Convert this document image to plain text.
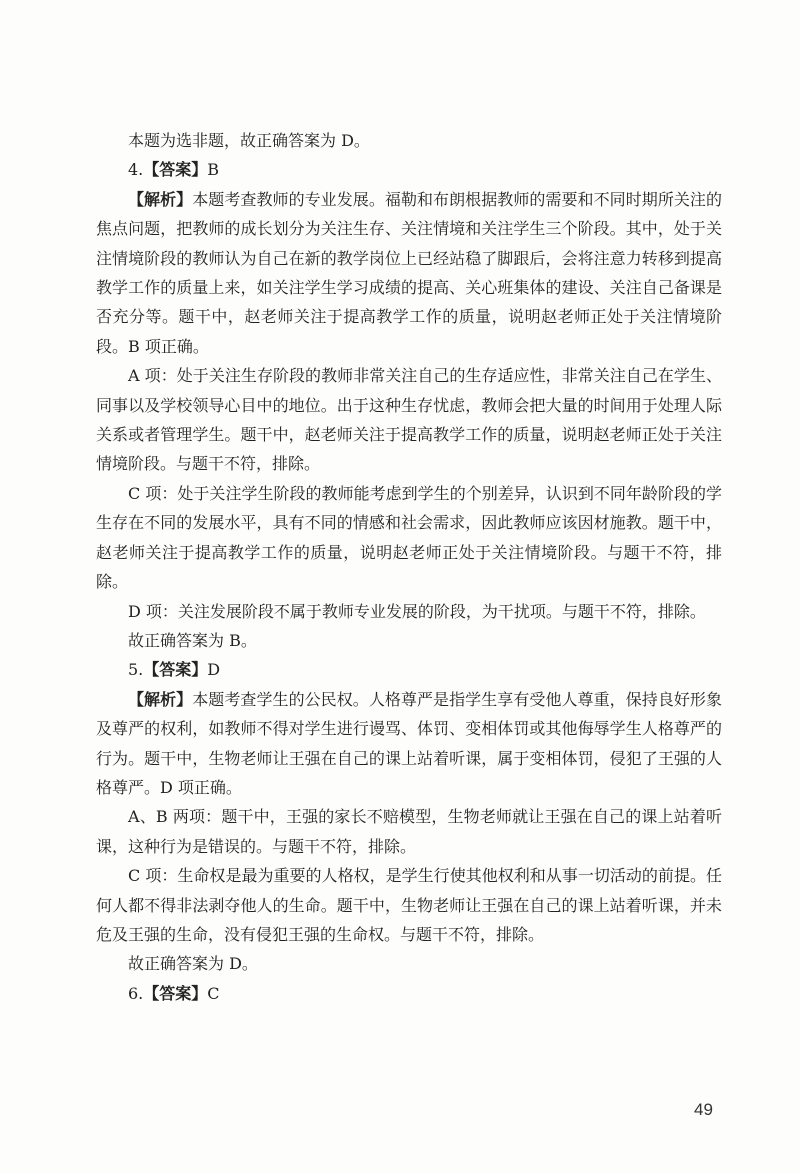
本题为选非题，故正确答案为 D。

4.【答案】B

【解析】本题考查教师的专业发展。福勒和布朗根据教师的需要和不同时期所关注的焦点问题，把教师的成长划分为关注生存、关注情境和关注学生三个阶段。其中，处于关注情境阶段的教师认为自己在新的教学岗位上已经站稳了脚跟后，会将注意力转移到提高教学工作的质量上来，如关注学生学习成绩的提高、关心班集体的建设、关注自己备课是否充分等。题干中，赵老师关注于提高教学工作的质量，说明赵老师正处于关注情境阶段。B 项正确。

A 项：处于关注生存阶段的教师非常关注自己的生存适应性，非常关注自己在学生、同事以及学校领导心目中的地位。出于这种生存忧虑，教师会把大量的时间用于处理人际关系或者管理学生。题干中，赵老师关注于提高教学工作的质量，说明赵老师正处于关注情境阶段。与题干不符，排除。

C 项：处于关注学生阶段的教师能考虑到学生的个别差异，认识到不同年龄阶段的学生存在不同的发展水平，具有不同的情感和社会需求，因此教师应该因材施教。题干中，赵老师关注于提高教学工作的质量，说明赵老师正处于关注情境阶段。与题干不符，排除。

D 项：关注发展阶段不属于教师专业发展的阶段，为干扰项。与题干不符，排除。

故正确答案为 B。

5.【答案】D

【解析】本题考查学生的公民权。人格尊严是指学生享有受他人尊重，保持良好形象及尊严的权利，如教师不得对学生进行谩骂、体罚、变相体罚或其他侮辱学生人格尊严的行为。题干中，生物老师让王强在自己的课上站着听课，属于变相体罚，侵犯了王强的人格尊严。D 项正确。

A、B 两项：题干中，王强的家长不赔模型，生物老师就让王强在自己的课上站着听课，这种行为是错误的。与题干不符，排除。

C 项：生命权是最为重要的人格权，是学生行使其他权利和从事一切活动的前提。任何人都不得非法剥夺他人的生命。题干中，生物老师让王强在自己的课上站着听课，并未危及王强的生命，没有侵犯王强的生命权。与题干不符，排除。

故正确答案为 D。

6.【答案】C

49
